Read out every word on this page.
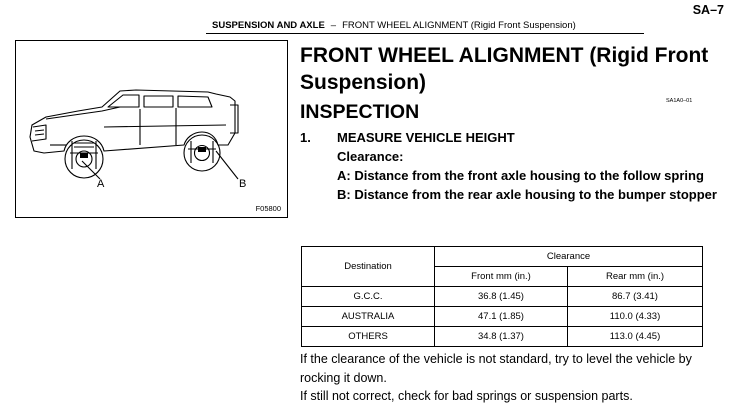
SA–7
SUSPENSION AND AXLE – FRONT WHEEL ALIGNMENT (Rigid Front Suspension)
A	B
F05800
FRONT WHEEL ALIGNMENT (Rigid Front Suspension)
INSPECTION	SA1A0–01
1. MEASURE VEHICLE HEIGHT
Clearance:
A: Distance from the front axle housing to the follow spring
B: Distance from the rear axle housing to the bumper stopper
Destination	Clearance	
	Front mm (in.)	Rear mm (in.)
G.C.C.	36.8 (1.45)	86.7 (3.41)
AUSTRALIA	47.1 (1.85)	110.0 (4.33)
OTHERS	34.8 (1.37)	113.0 (4.45)
If the clearance of the vehicle is not standard, try to level the vehicle by rocking it down.
If still not correct, check for bad springs or suspension parts.
